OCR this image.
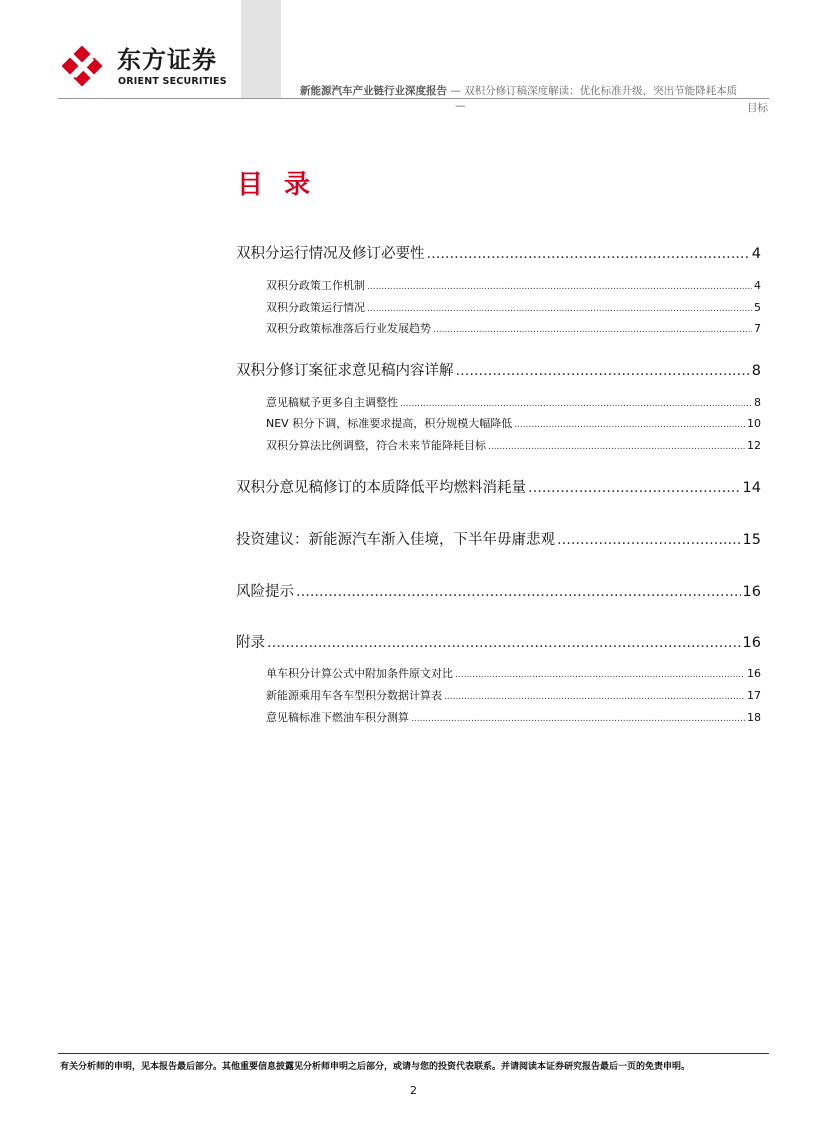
东方证券
ORIENT SECURITIES
新能源汽车产业链行业深度报告 — 双积分修订稿深度解读：优化标准升级，突出节能降耗本质
—	目标
目 录
双积分运行情况及修订必要性 .....	4
双积分政策工作机制 .....	4
双积分政策运行情况 .....	5
双积分政策标准落后行业发展趋势 .....	7
双积分修订案征求意见稿内容详解 .....	8
意见稿赋予更多自主调整性 .....	8
NEV 积分下调，标准要求提高，积分规模大幅降低 .....	10
双积分算法比例调整，符合未来节能降耗目标 .....	12
双积分意见稿修订的本质降低平均燃料消耗量 .....	14
投资建议：新能源汽车渐入佳境，下半年毋庸悲观 .....	15
风险提示 .....	16
附录 .....	16
单车积分计算公式中附加条件原文对比 .....	16
新能源乘用车各车型积分数据计算表 .....	17
意见稿标准下燃油车积分测算 .....	18
有关分析师的申明，见本报告最后部分。其他重要信息披露见分析师申明之后部分，或请与您的投资代表联系。并请阅读本证券研究报告最后一页的免责申明。
2
